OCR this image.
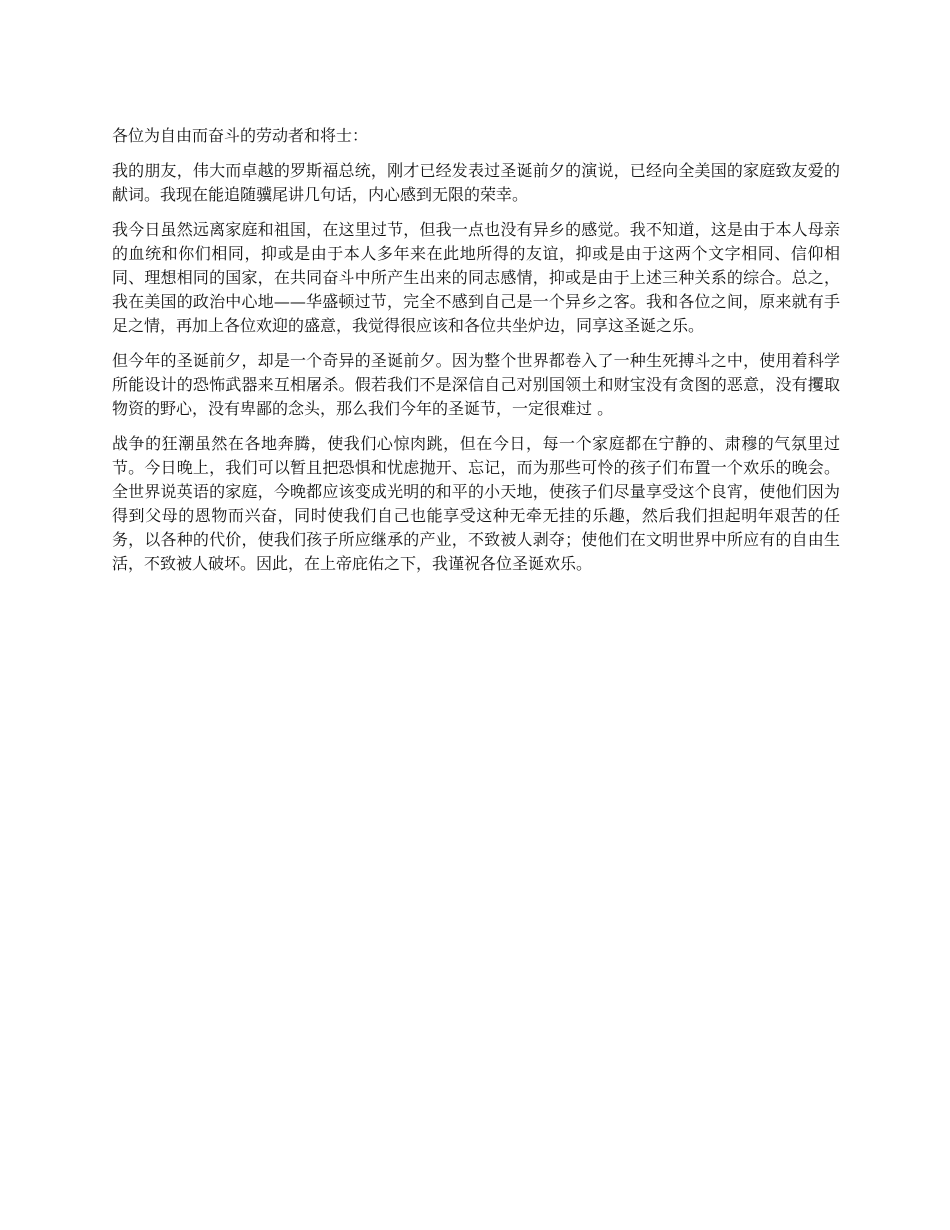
各位为自由而奋斗的劳动者和将士：

我的朋友，伟大而卓越的罗斯福总统，刚才已经发表过圣诞前夕的演说，已经向全美国的家庭致友爱的献词。我现在能追随骥尾讲几句话，内心感到无限的荣幸。

我今日虽然远离家庭和祖国，在这里过节，但我一点也没有异乡的感觉。我不知道，这是由于本人母亲的血统和你们相同，抑或是由于本人多年来在此地所得的友谊，抑或是由于这两个文字相同、信仰相同、理想相同的国家，在共同奋斗中所产生出来的同志感情，抑或是由于上述三种关系的综合。总之，我在美国的政治中心地——华盛顿过节，完全不感到自己是一个异乡之客。我和各位之间，原来就有手足之情，再加上各位欢迎的盛意，我觉得很应该和各位共坐炉边，同享这圣诞之乐。

但今年的圣诞前夕，却是一个奇异的圣诞前夕。因为整个世界都卷入了一种生死搏斗之中，使用着科学所能设计的恐怖武器来互相屠杀。假若我们不是深信自己对别国领土和财宝没有贪图的恶意，没有攫取物资的野心，没有卑鄙的念头，那么我们今年的圣诞节，一定很难过 。

战争的狂潮虽然在各地奔腾，使我们心惊肉跳，但在今日，每一个家庭都在宁静的、肃穆的气氛里过节。今日晚上，我们可以暂且把恐惧和忧虑抛开、忘记，而为那些可怜的孩子们布置一个欢乐的晚会。全世界说英语的家庭，今晚都应该变成光明的和平的小天地，使孩子们尽量享受这个良宵，使他们因为得到父母的恩物而兴奋，同时使我们自己也能享受这种无牵无挂的乐趣，然后我们担起明年艰苦的任务，以各种的代价，使我们孩子所应继承的产业，不致被人剥夺；使他们在文明世界中所应有的自由生活，不致被人破坏。因此，在上帝庇佑之下，我谨祝各位圣诞欢乐。
